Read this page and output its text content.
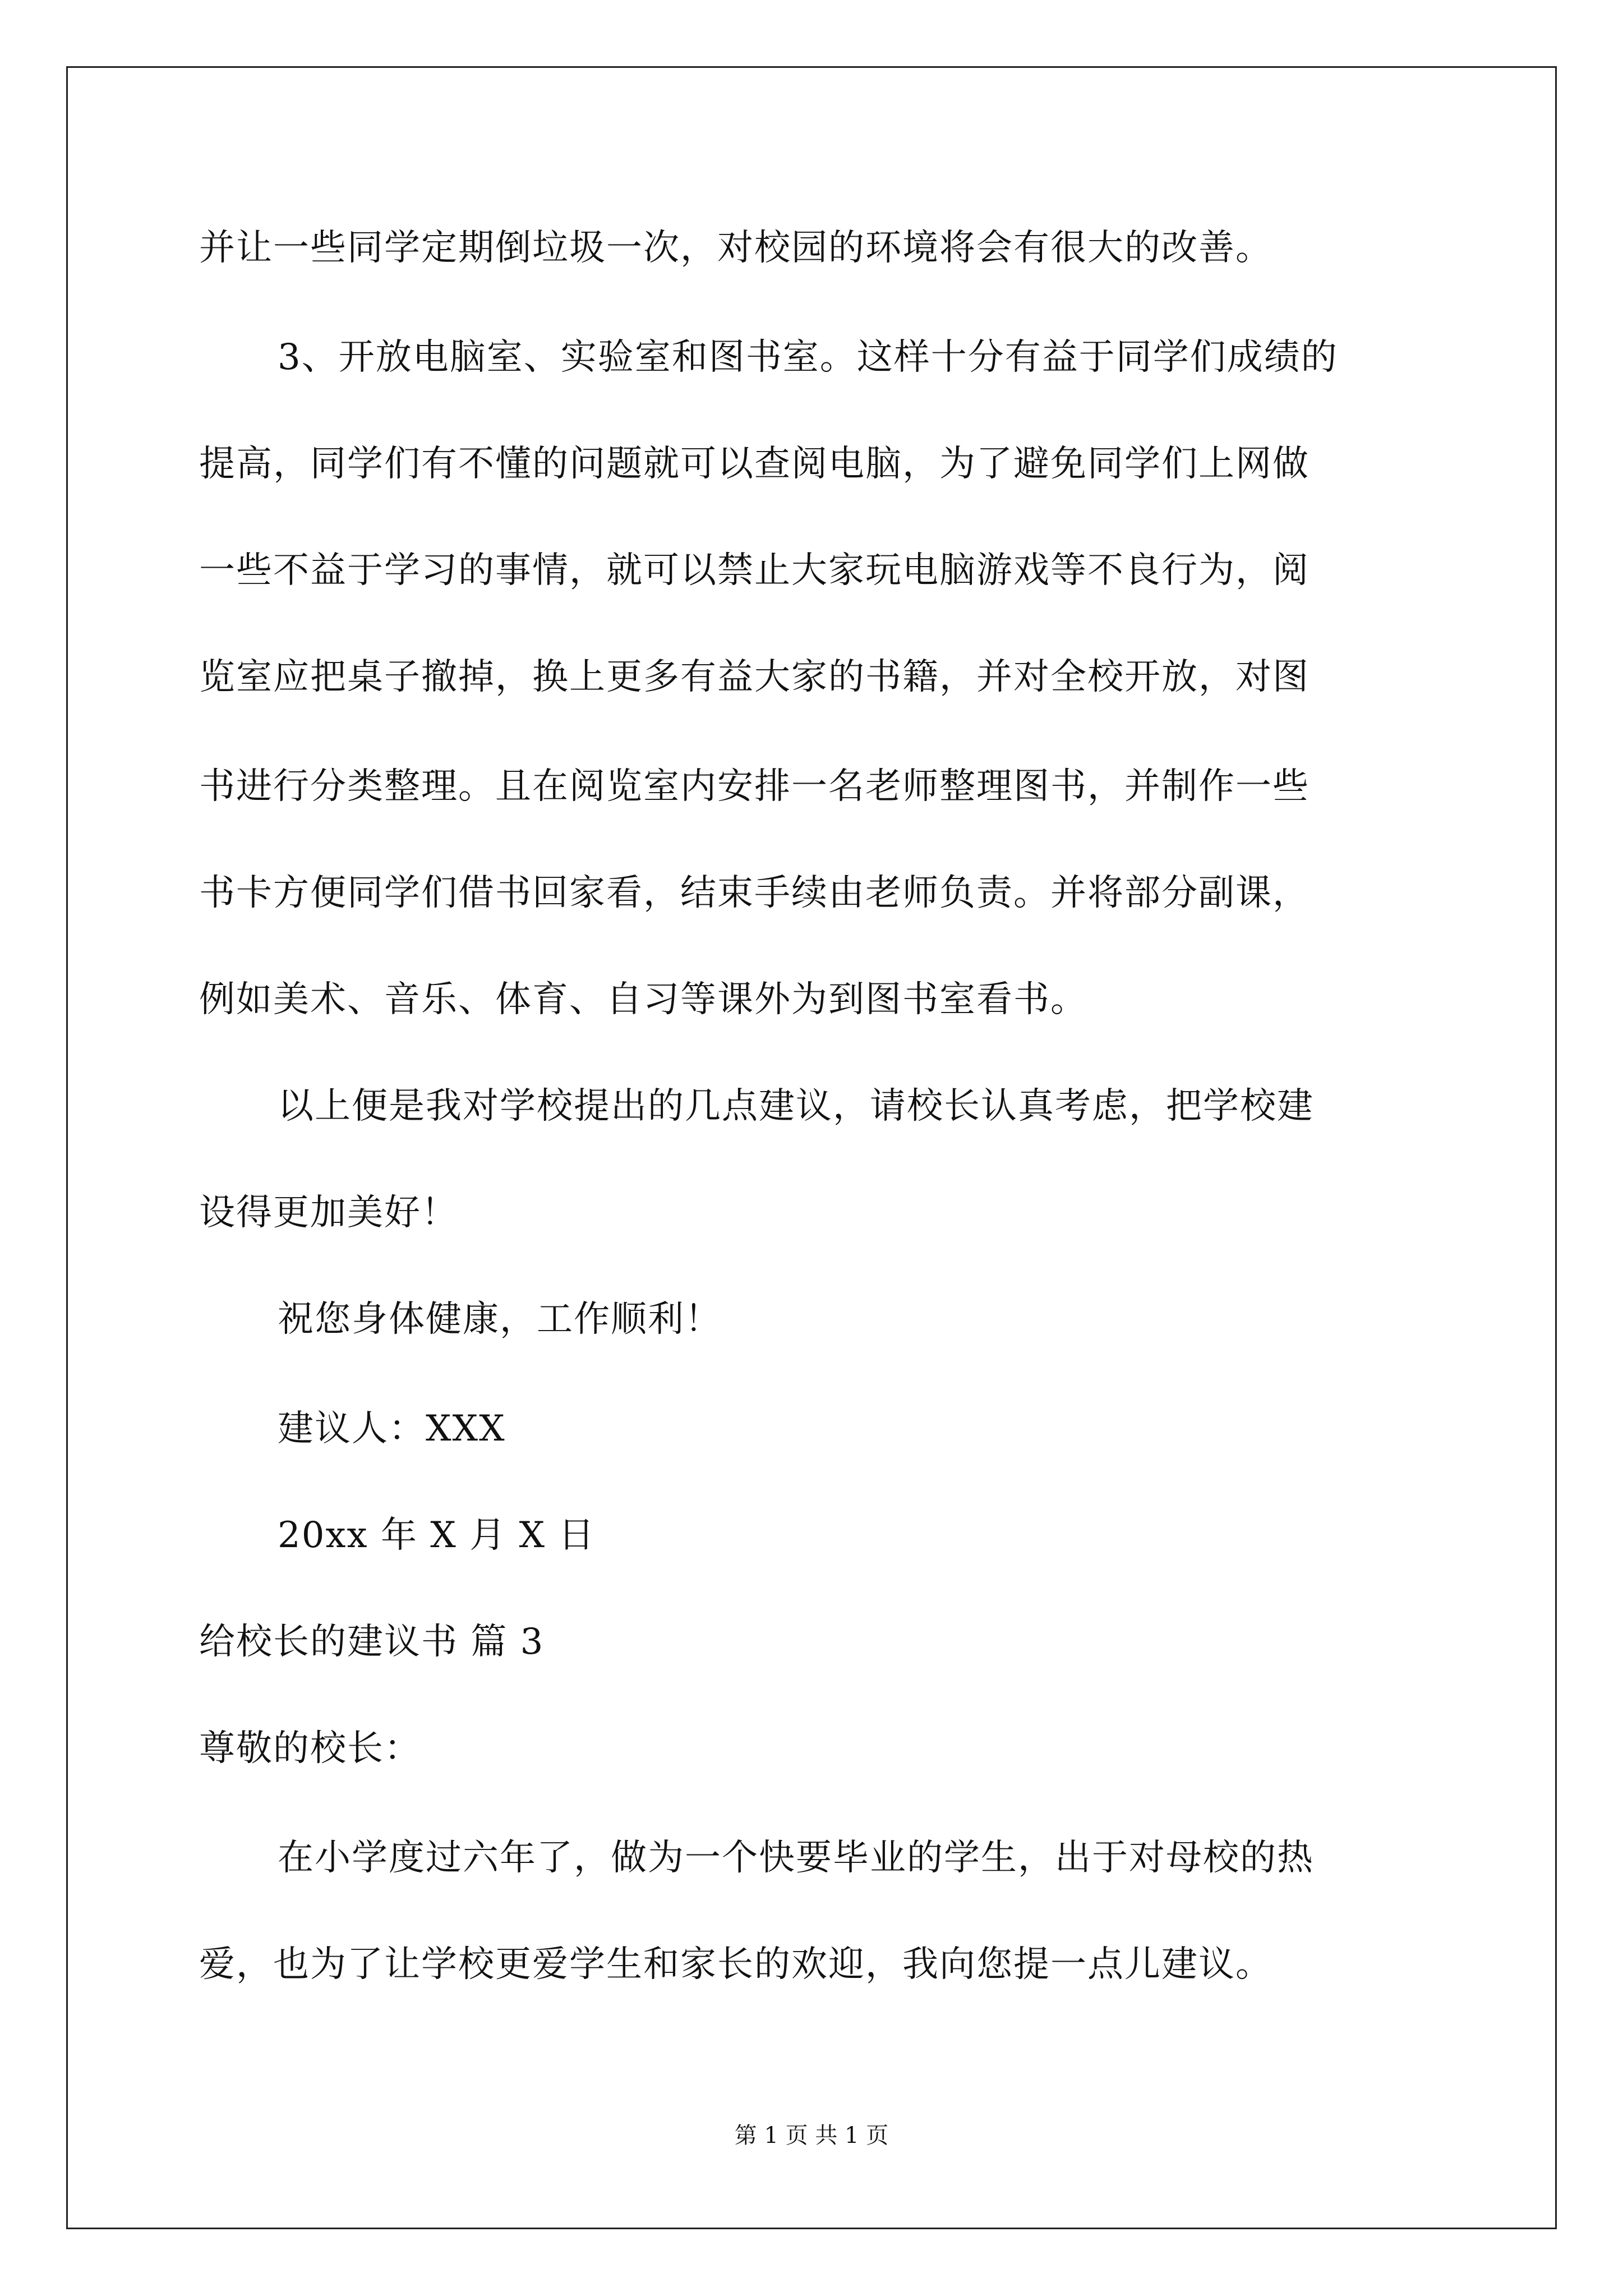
并让一些同学定期倒垃圾一次，对校园的环境将会有很大的改善。
3、开放电脑室、实验室和图书室。这样十分有益于同学们成绩的
提高，同学们有不懂的问题就可以查阅电脑，为了避免同学们上网做
一些不益于学习的事情，就可以禁止大家玩电脑游戏等不良行为，阅
览室应把桌子撤掉，换上更多有益大家的书籍，并对全校开放，对图
书进行分类整理。且在阅览室内安排一名老师整理图书，并制作一些
书卡方便同学们借书回家看，结束手续由老师负责。并将部分副课，
例如美术、音乐、体育、自习等课外为到图书室看书。
以上便是我对学校提出的几点建议，请校长认真考虑，把学校建
设得更加美好！
祝您身体健康，工作顺利！
建议人：XXX
20xx 年 X 月 X 日
给校长的建议书 篇 3
尊敬的校长：
在小学度过六年了，做为一个快要毕业的学生，出于对母校的热
爱，也为了让学校更爱学生和家长的欢迎，我向您提一点儿建议。
第 1 页 共 1 页
